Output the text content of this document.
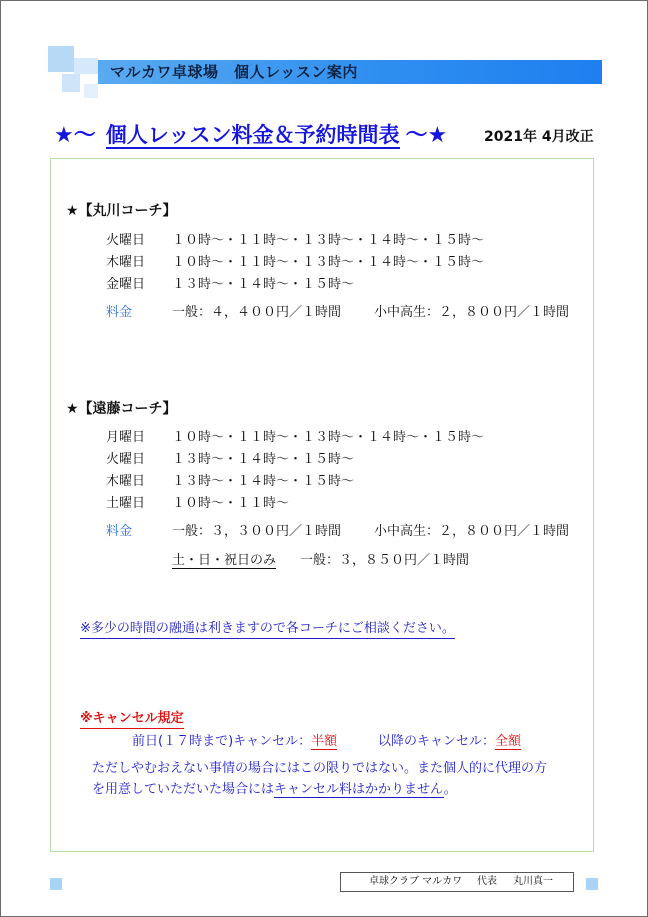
マルカワ卓球場　個人レッスン案内
★～ 個人レッスン料金＆予約時間表 ～★	2021年 4月改正
★【丸川コーチ】
火曜日 １０時～・１１時～・１３時～・１４時～・１５時～
木曜日 １０時～・１１時～・１３時～・１４時～・１５時～
金曜日 １３時～・１４時～・１５時～
料金	一般：４，４００円／１時間	小中高生：２，８００円／１時間
★【遠藤コーチ】
月曜日 １０時～・１１時～・１３時～・１４時～・１５時～
火曜日 １３時～・１４時～・１５時～
木曜日 １３時～・１４時～・１５時～
土曜日 １０時～・１１時～
料金	一般：３，３００円／１時間	小中高生：２，８００円／１時間
土・日・祝日のみ 一般：３，８５０円／１時間
※多少の時間の融通は利きますので各コーチにご相談ください。
※キャンセル規定
前日(１７時まで)キャンセル：半額	以降のキャンセル：全額
ただしやむおえない事情の場合にはこの限りではない。また個人的に代理の方
を用意していただいた場合にはキャンセル料はかかりません。
卓球クラブ マルカワ 代表 丸川真一
